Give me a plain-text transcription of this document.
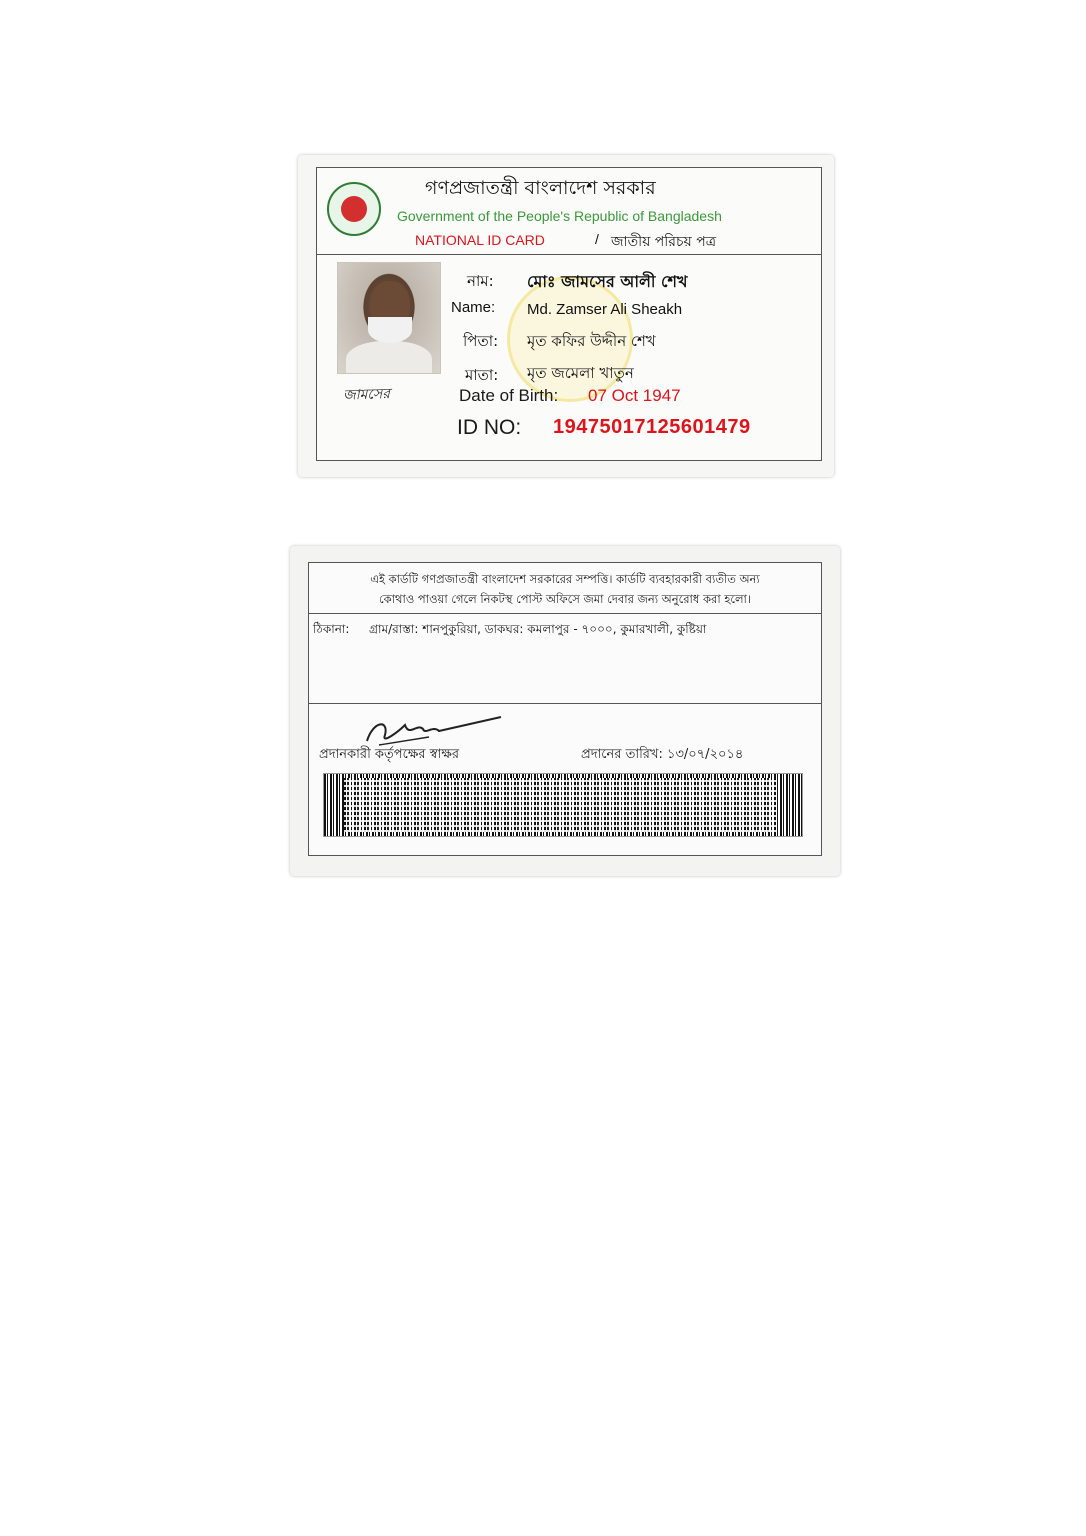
গণপ্রজাতন্ত্রী বাংলাদেশ সরকার
Government of the People's Republic of Bangladesh
NATIONAL ID CARD	/ জাতীয় পরিচয় পত্র
জামসের
নাম: মোঃ জামসের আলী শেখ
Name: Md. Zamser Ali Sheakh
পিতা: মৃত কফির উদ্দীন শেখ
মাতা: মৃত জমেলা খাতুন
Date of Birth: 07 Oct 1947
ID NO: 19475017125601479
এই কার্ডটি গণপ্রজাতন্ত্রী বাংলাদেশ সরকারের সম্পত্তি। কার্ডটি ব্যবহারকারী ব্যতীত অন্য
কোথাও পাওয়া গেলে নিকটস্থ পোস্ট অফিসে জমা দেবার জন্য অনুরোধ করা হলো।
ঠিকানা: গ্রাম/রাস্তা: শানপুকুরিয়া, ডাকঘর: কমলাপুর - ৭০০০, কুমারখালী, কুষ্টিয়া
প্রদানকারী কর্তৃপক্ষের স্বাক্ষর	প্রদানের তারিখ: ১৩/০৭/২০১৪
